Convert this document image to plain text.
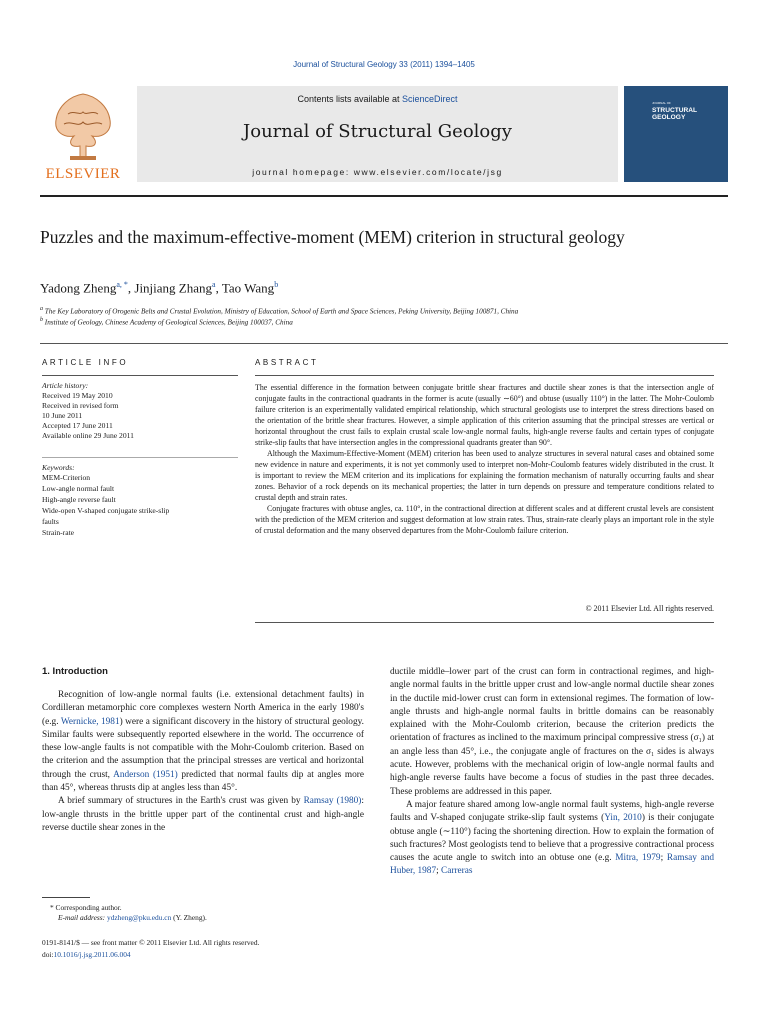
Journal of Structural Geology 33 (2011) 1394–1405
ELSEVIER
Contents lists available at ScienceDirect
Journal of Structural Geology
journal homepage: www.elsevier.com/locate/jsg
JOURNAL OF
STRUCTURAL
GEOLOGY
Puzzles and the maximum-effective-moment (MEM) criterion in structural geology
Yadong Zheng$^{a, *}$, Jinjiang Zhang$^a$, Tao Wang$^b$
$^a$ The Key Laboratory of Orogenic Belts and Crustal Evolution, Ministry of Education, School of Earth and Space Sciences, Peking University, Beijing 100871, China
$^b$ Institute of Geology, Chinese Academy of Geological Sciences, Beijing 100037, China
ARTICLE INFO
Article history:
Received 19 May 2010
Received in revised form
10 June 2011
Accepted 17 June 2011
Available online 29 June 2011
Keywords:
MEM-Criterion
Low-angle normal fault
High-angle reverse fault
Wide-open V-shaped conjugate strike-slip
faults
Strain-rate
ABSTRACT

The essential difference in the formation between conjugate brittle shear fractures and ductile shear zones is that the intersection angle of conjugate faults in the contractional quadrants in the former is acute (usually ∼60°) and obtuse (usually 110°) in the latter. The Mohr-Coulomb failure criterion is an experimentally validated empirical relationship, which structural geologists use to interpret the stress directions based on the orientation of the brittle shear fractures. However, a simple application of this criterion assuming that the principal stresses are vertical or horizontal throughout the crust fails to explain crustal scale low-angle normal faults, high-angle reverse faults and certain types of conjugate strike-slip faults that have intersection angles in the compressional quadrants greater than 90°.

Although the Maximum-Effective-Moment (MEM) criterion has been used to analyze structures in several natural cases and obtained some new evidence in nature and experiments, it is not yet commonly used to interpret non-Mohr-Coulomb features widely distributed in the crust. It is important to review the MEM criterion and its implications for explaining the formation mechanism of naturally occurring faults and shear zones. Behavior of a rock depends on its mechanical properties; the latter in turn depends on pressure and temperature conditions related to crustal depth and strain rates.

Conjugate fractures with obtuse angles, ca. 110°, in the contractional direction at different scales and at different crustal levels are consistent with the prediction of the MEM criterion and suggest deformation at low strain rates. Thus, strain-rate clearly plays an important role in the style of crustal deformation and the many observed departures from the Mohr-Coulomb failure criterion.

© 2011 Elsevier Ltd. All rights reserved.
1. Introduction

Recognition of low-angle normal faults (i.e. extensional detachment faults) in Cordilleran metamorphic core complexes western North America in the early 1980's (e.g. Wernicke, 1981) were a significant discovery in the history of structural geology. Similar faults were subsequently reported elsewhere in the world. The occurrence of these low-angle faults is not compatible with the Mohr-Coulomb criterion. Based on the criterion and the assumption that the principal stresses are vertical and horizontal through the crust, Anderson (1951) predicted that normal faults dip at angles more than 45°, whereas thrusts dip at angles less than 45°.

A brief summary of structures in the Earth's crust was given by Ramsay (1980): low-angle thrusts in the brittle upper part of the continental crust and high-angle reverse ductile shear zones in the

ductile middle–lower part of the crust can form in contractional regimes, and high-angle normal faults in the brittle upper crust and low-angle normal ductile shear zones in the ductile mid-lower crust can form in extensional regimes. The formation of low-angle thrusts and high-angle normal faults in brittle domains can be reasonably explained with the Mohr-Coulomb criterion, because the criterion predicts the orientation of fractures as inclined to the maximum principal compressive stress (σ₁) at an angle less than 45°, i.e., the conjugate angle of fractures on the σ₁ sides is always acute. However, problems with the mechanical origin of low-angle normal faults and high-angle reverse faults have become a focus of studies in the past three decades. These problems are addressed in this paper.

A major feature shared among low-angle normal fault systems, high-angle reverse faults and V-shaped conjugate strike-slip fault systems (Yin, 2010) is their conjugate obtuse angle (∼110°) facing the shortening direction. How to explain the formation of such fractures? Most geologists tend to believe that a progressive contractional process causes the acute angle to switch into an obtuse one (e.g. Mitra, 1979; Ramsay and Huber, 1987; Carreras

* Corresponding author.
E-mail address: ydzheng@pku.edu.cn (Y. Zheng).
0191-8141/$ — see front matter © 2011 Elsevier Ltd. All rights reserved.
doi:10.1016/j.jsg.2011.06.004
